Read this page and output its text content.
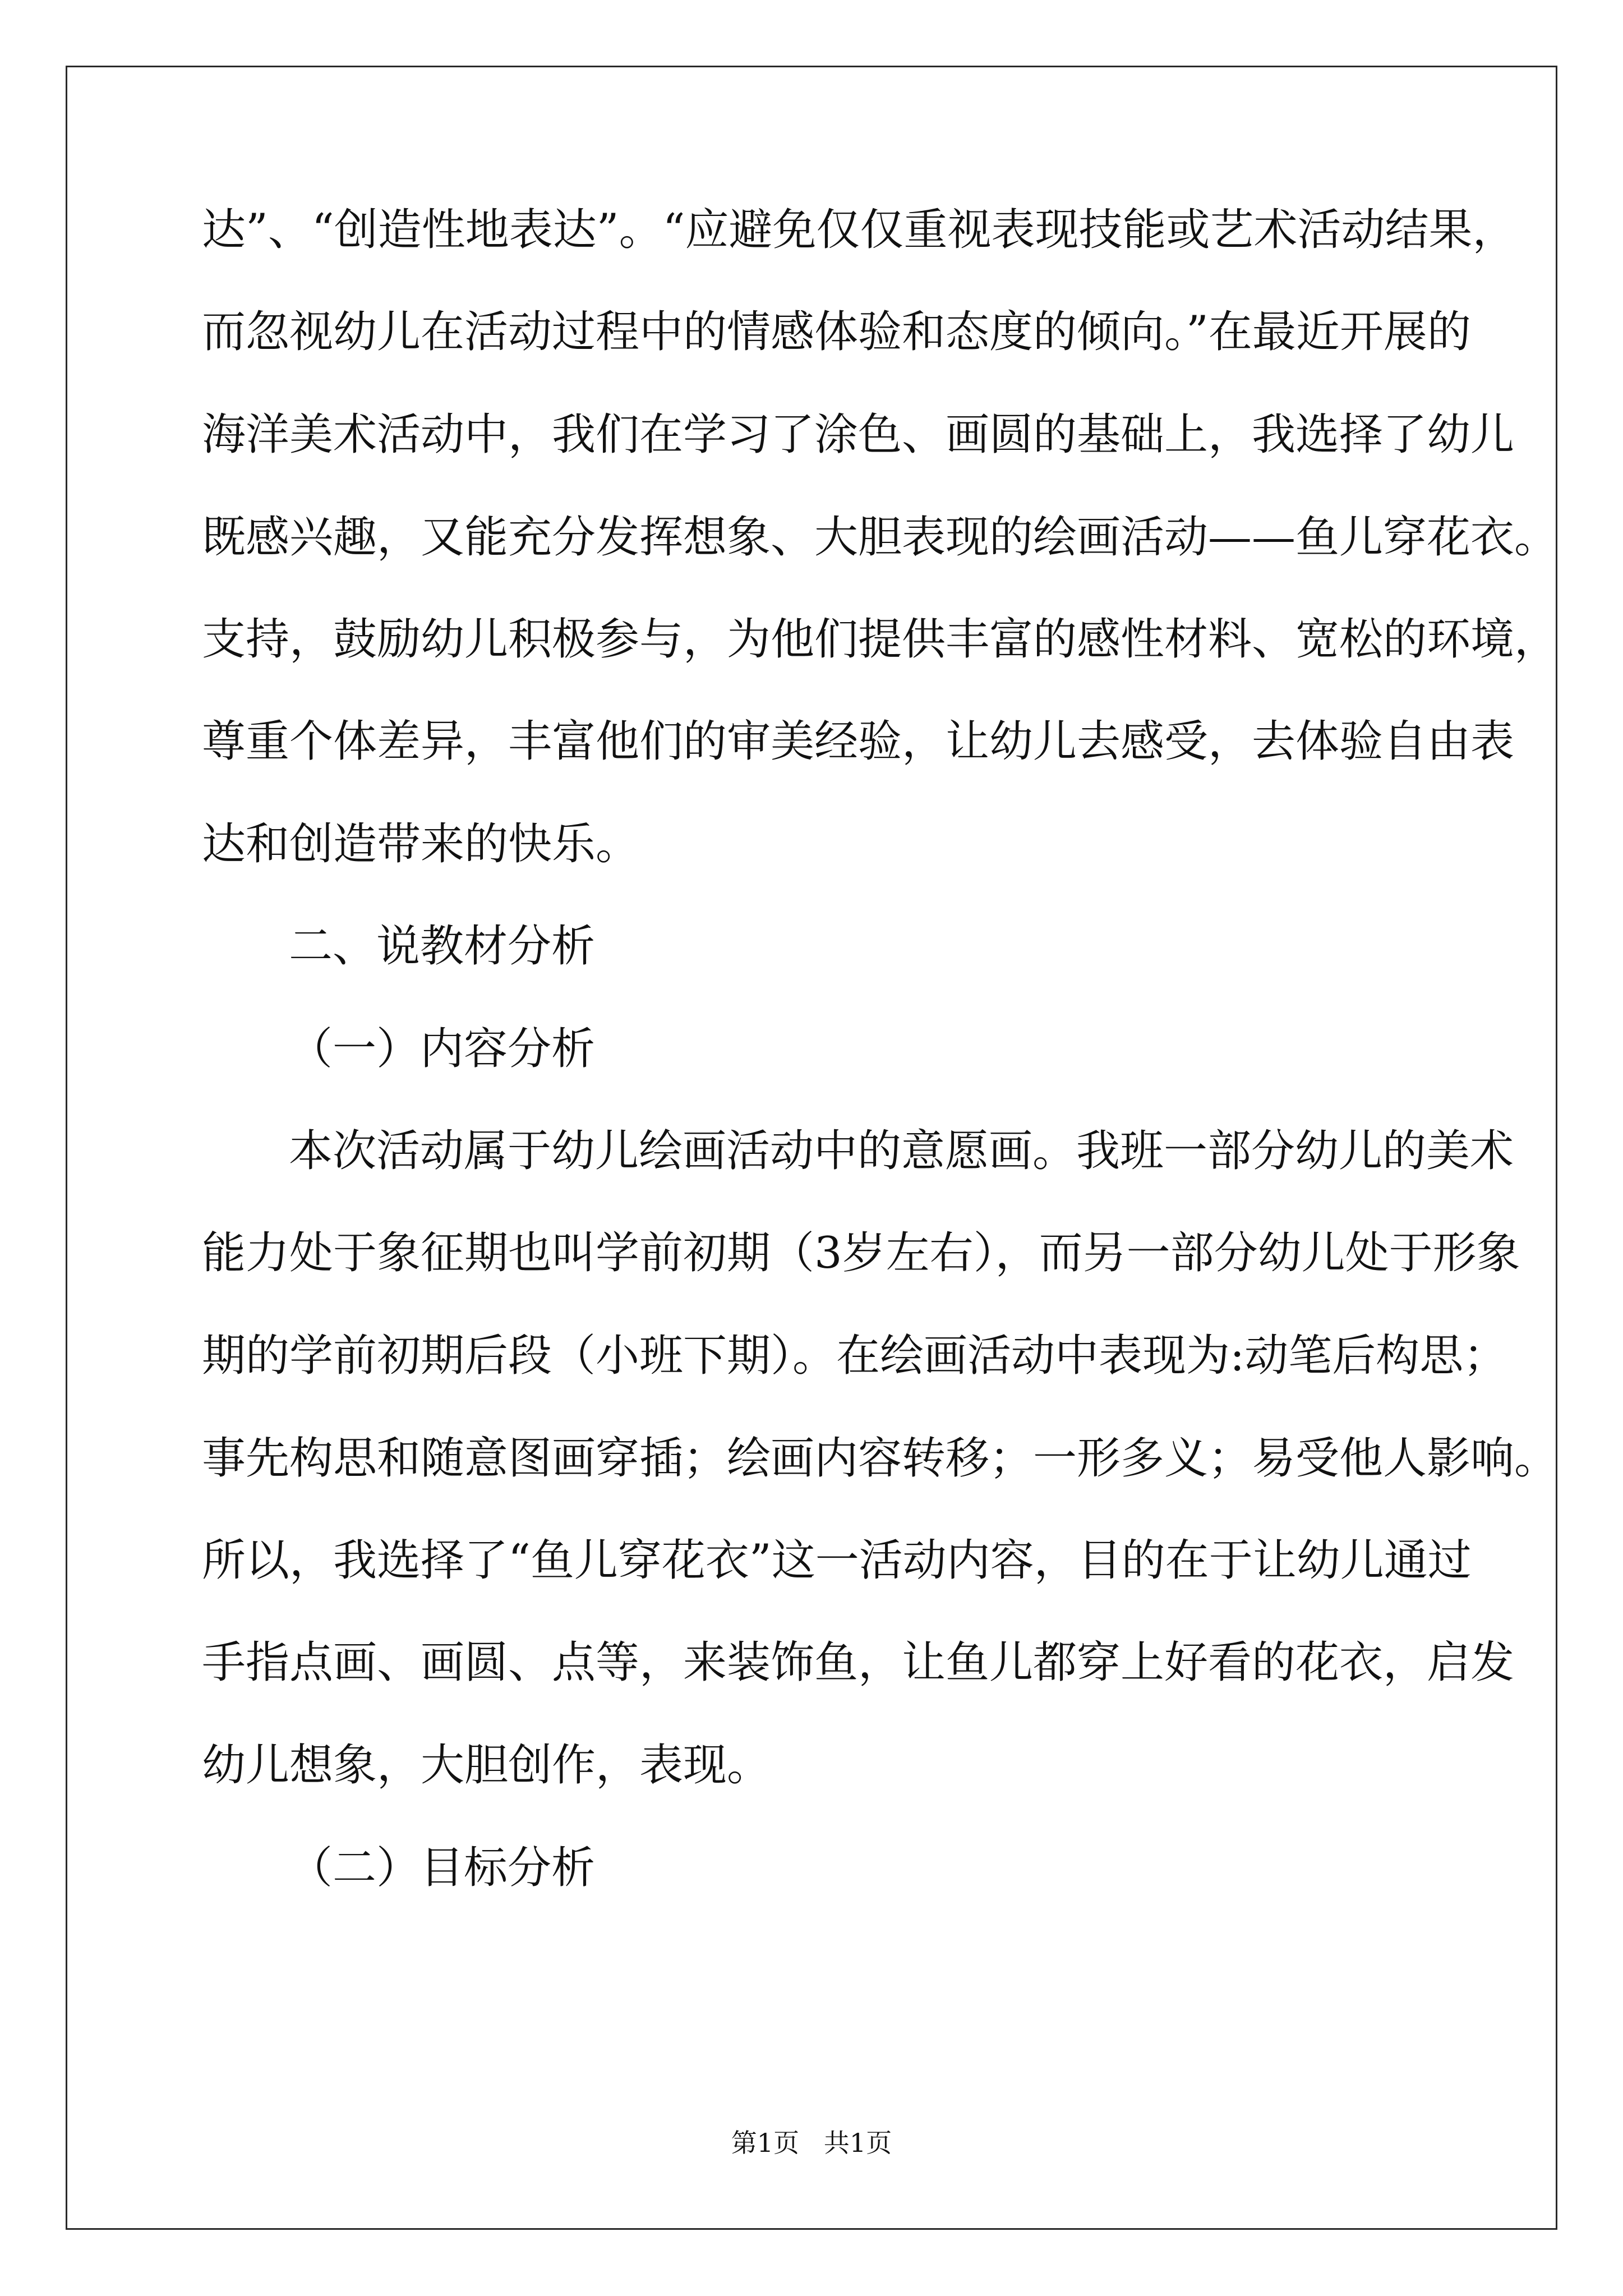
达”、“创造性地表达”。“应避免仅仅重视表现技能或艺术活动结果，
而忽视幼儿在活动过程中的情感体验和态度的倾向。”在最近开展的
海洋美术活动中，我们在学习了涂色、画圆的基础上，我选择了幼儿
既感兴趣，又能充分发挥想象、大胆表现的绘画活动——鱼儿穿花衣。
支持，鼓励幼儿积极参与，为他们提供丰富的感性材料、宽松的环境，
尊重个体差异，丰富他们的审美经验，让幼儿去感受，去体验自由表
达和创造带来的快乐。
二、说教材分析
（一）内容分析
本次活动属于幼儿绘画活动中的意愿画。我班一部分幼儿的美术
能力处于象征期也叫学前初期（3岁左右），而另一部分幼儿处于形象
期的学前初期后段（小班下期）。在绘画活动中表现为:动笔后构思；
事先构思和随意图画穿插；绘画内容转移；一形多义；易受他人影响。
所以，我选择了“鱼儿穿花衣”这一活动内容，目的在于让幼儿通过
手指点画、画圆、点等，来装饰鱼，让鱼儿都穿上好看的花衣，启发
幼儿想象，大胆创作，表现。
（二）目标分析
第1页   共1页
